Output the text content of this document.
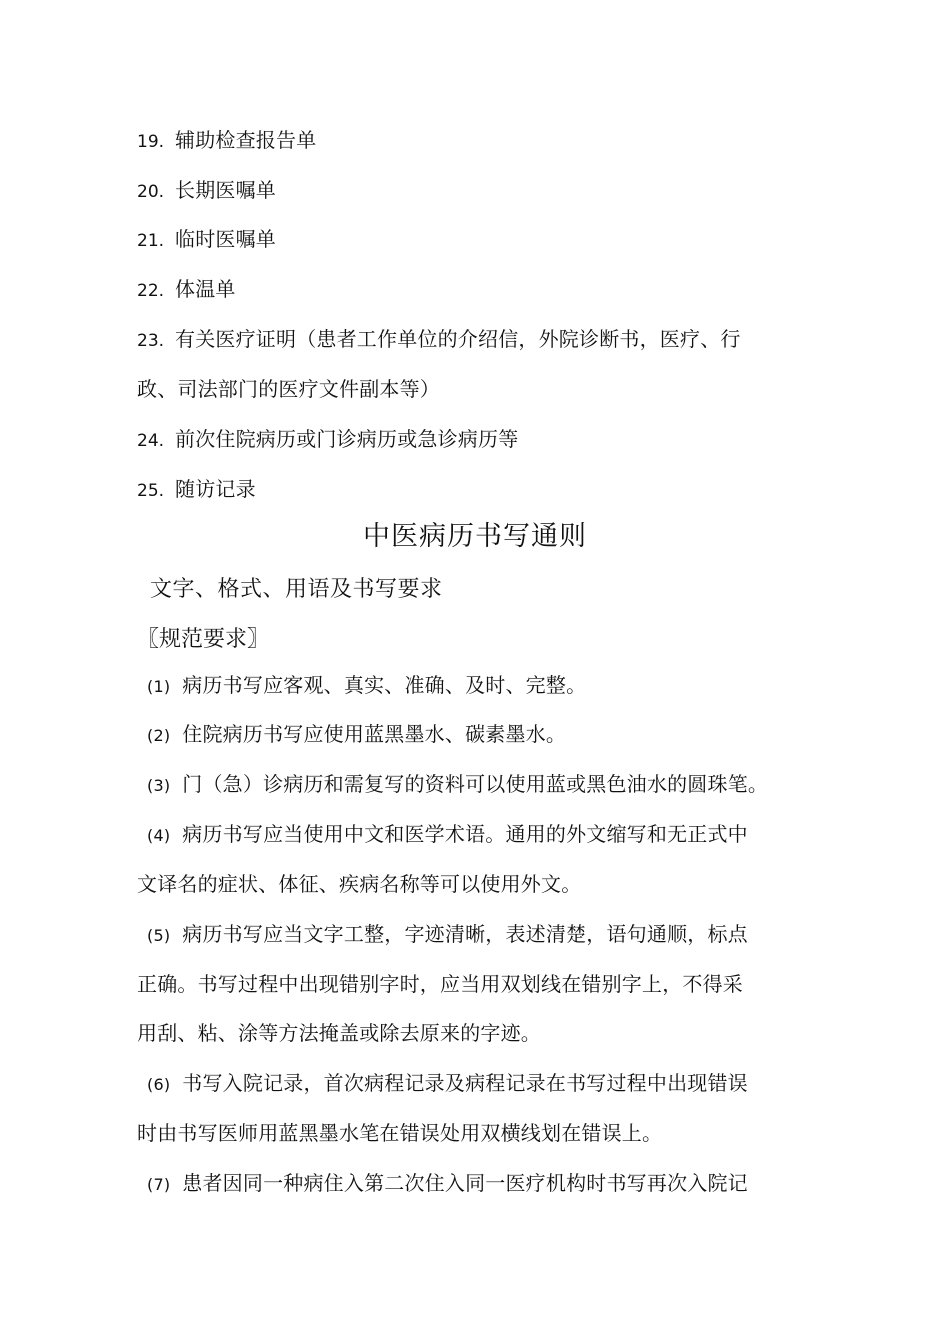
19. 辅助检查报告单
20. 长期医嘱单
21. 临时医嘱单
22. 体温单
23. 有关医疗证明（患者工作单位的介绍信，外院诊断书，医疗、行
政、司法部门的医疗文件副本等）
24. 前次住院病历或门诊病历或急诊病历等
25. 随访记录
中医病历书写通则
文字、格式、用语及书写要求
〖规范要求〗
(1) 病历书写应客观、真实、准确、及时、完整。
(2) 住院病历书写应使用蓝黑墨水、碳素墨水。
(3) 门（急）诊病历和需复写的资料可以使用蓝或黑色油水的圆珠笔。
(4) 病历书写应当使用中文和医学术语。通用的外文缩写和无正式中
文译名的症状、体征、疾病名称等可以使用外文。
(5) 病历书写应当文字工整，字迹清晰，表述清楚，语句通顺，标点
正确。书写过程中出现错别字时，应当用双划线在错别字上，不得采
用刮、粘、涂等方法掩盖或除去原来的字迹。
(6) 书写入院记录，首次病程记录及病程记录在书写过程中出现错误
时由书写医师用蓝黑墨水笔在错误处用双横线划在错误上。
(7) 患者因同一种病住入第二次住入同一医疗机构时书写再次入院记
